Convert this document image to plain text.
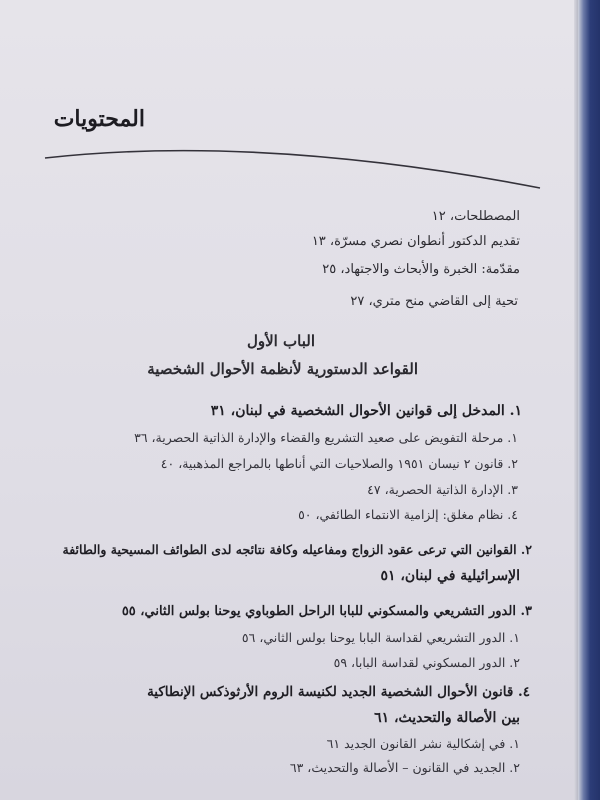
المحتويات
المصطلحات، ١٢
تقديم الدكتور أنطوان نصري مسرّة، ١٣
مقدّمة: الخبرة والأبحاث والاجتهاد، ٢٥
تحية إلى القاضي منح متري، ٢٧
الباب الأول
القواعد الدستورية لأنظمة الأحوال الشخصية
١. المدخل إلى قوانين الأحوال الشخصية في لبنان، ٣١
١. مرحلة التفويض على صعيد التشريع والقضاء والإدارة الذاتية الحصرية، ٣٦
٢. قانون ٢ نيسان ١٩٥١ والصلاحيات التي أناطها بالمراجع المذهبية، ٤٠
٣. الإدارة الذاتية الحصرية، ٤٧
٤. نظام مغلق: إلزامية الانتماء الطائفي، ٥٠
٢. القوانين التي ترعى عقود الزواج ومفاعيله وكافة نتائجه لدى الطوائف المسيحية والطائفة
الإسرائيلية في لبنان، ٥١
٣. الدور التشريعي والمسكوني للبابا الراحل الطوباوي يوحنا بولس الثاني، ٥٥
١. الدور التشريعي لقداسة البابا يوحنا بولس الثاني، ٥٦
٢. الدور المسكوني لقداسة البابا، ٥٩
٤. قانون الأحوال الشخصية الجديد لكنيسة الروم الأرثوذكس الإنطاكية
بين الأصالة والتحديث، ٦١
١. في إشكالية نشر القانون الجديد ٦١
٢. الجديد في القانون – الأصالة والتحديث، ٦٣
